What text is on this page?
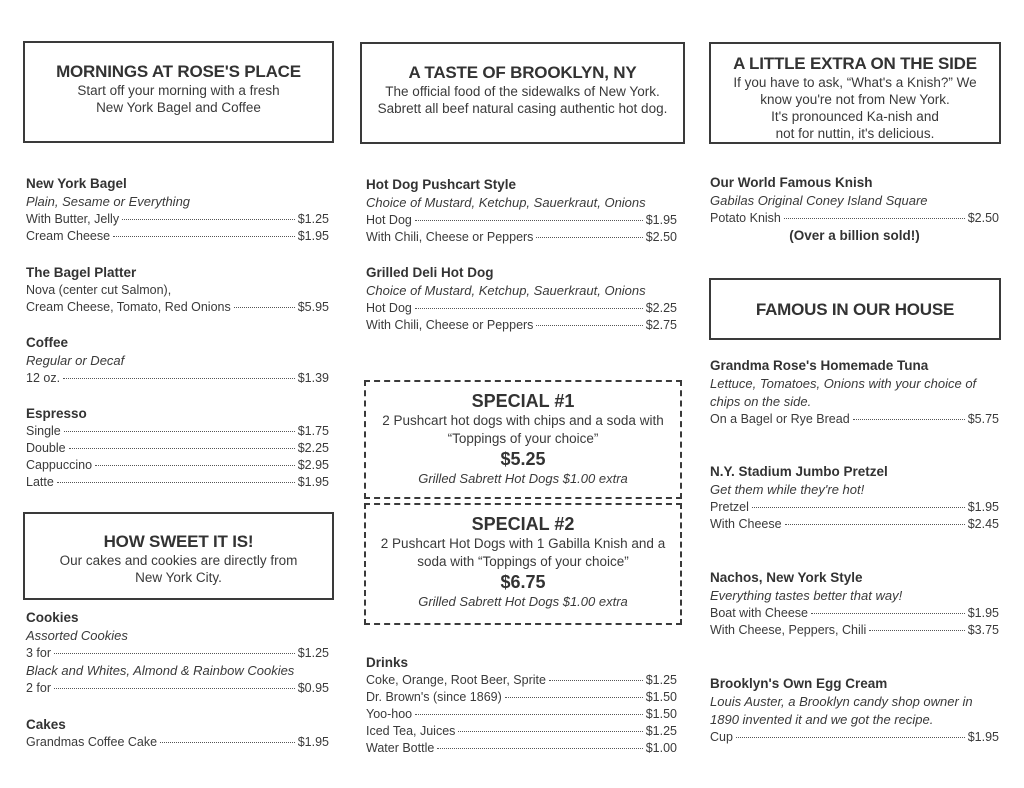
MORNINGS AT ROSE'S PLACE
Start off your morning with a fresh
New York Bagel and Coffee
New York Bagel
Plain, Sesame or Everything
With Butter, Jelly	$1.25
Cream Cheese	$1.95
The Bagel Platter
Nova (center cut Salmon),
Cream Cheese, Tomato, Red Onions	$5.95
Coffee
Regular or Decaf
12 oz.	$1.39
Espresso
Single	$1.75
Double	$2.25
Cappuccino	$2.95
Latte	$1.95
HOW SWEET IT IS!
Our cakes and cookies are directly from
New York City.
Cookies
Assorted Cookies
3 for	$1.25
Black and Whites, Almond & Rainbow Cookies
2 for	$0.95
Cakes
Grandmas Coffee Cake	$1.95
A TASTE OF BROOKLYN, NY
The official food of the sidewalks of New York.
Sabrett all beef natural casing authentic hot dog.
Hot Dog Pushcart Style
Choice of Mustard, Ketchup, Sauerkraut, Onions
Hot Dog	$1.95
With Chili, Cheese or Peppers	$2.50
Grilled Deli Hot Dog
Choice of Mustard, Ketchup, Sauerkraut, Onions
Hot Dog	$2.25
With Chili, Cheese or Peppers	$2.75
SPECIAL #1
2 Pushcart hot dogs with chips and a soda with
“Toppings of your choice”
$5.25
Grilled Sabrett Hot Dogs $1.00 extra
SPECIAL #2
2 Pushcart Hot Dogs with 1 Gabilla Knish and a
soda with “Toppings of your choice”
$6.75
Grilled Sabrett Hot Dogs $1.00 extra
Drinks
Coke, Orange, Root Beer, Sprite	$1.25
Dr. Brown's (since 1869)	$1.50
Yoo-hoo	$1.50
Iced Tea, Juices	$1.25
Water Bottle	$1.00
A LITTLE EXTRA ON THE SIDE
If you have to ask, “What's a Knish?” We
know you're not from New York.
It's pronounced Ka-nish and
not for nuttin, it's delicious.
Our World Famous Knish
Gabilas Original Coney Island Square
Potato Knish	$2.50
(Over a billion sold!)
FAMOUS IN OUR HOUSE
Grandma Rose's Homemade Tuna
Lettuce, Tomatoes, Onions with your choice of
chips on the side.
On a Bagel or Rye Bread	$5.75
N.Y. Stadium Jumbo Pretzel
Get them while they're hot!
Pretzel	$1.95
With Cheese	$2.45
Nachos, New York Style
Everything tastes better that way!
Boat with Cheese	$1.95
With Cheese, Peppers, Chili	$3.75
Brooklyn's Own Egg Cream
Louis Auster, a Brooklyn candy shop owner in
1890 invented it and we got the recipe.
Cup	$1.95
